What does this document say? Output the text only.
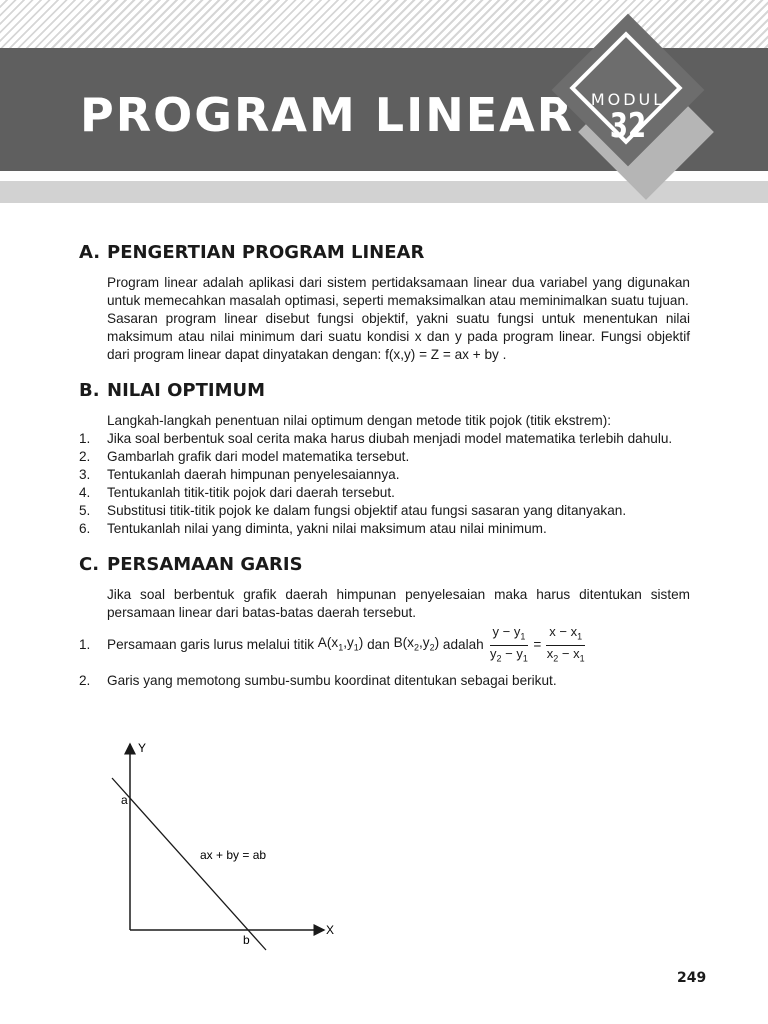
PROGRAM LINEAR	MODUL
32
A. PENGERTIAN PROGRAM LINEAR

Program linear adalah aplikasi dari sistem pertidaksamaan linear dua variabel yang digunakan untuk memecahkan masalah optimasi, seperti memaksimalkan atau meminimalkan suatu tujuan.

Sasaran program linear disebut fungsi objektif, yakni suatu fungsi untuk menentukan nilai maksimum atau nilai minimum dari suatu kondisi x dan y pada program linear. Fungsi objektif dari program linear dapat dinyatakan dengan: f(x,y) = Z = ax + by .

B. NILAI OPTIMUM

Langkah-langkah penentuan nilai optimum dengan metode titik pojok (titik ekstrem):

1.	Jika soal berbentuk soal cerita maka harus diubah menjadi model matematika terlebih dahulu.
2.	Gambarlah grafik dari model matematika tersebut.
3.	Tentukanlah daerah himpunan penyelesaiannya.
4.	Tentukanlah titik-titik pojok dari daerah tersebut.
5.	Substitusi titik-titik pojok ke dalam fungsi objektif atau fungsi sasaran yang ditanyakan.
6.	Tentukanlah nilai yang diminta, yakni nilai maksimum atau nilai minimum.
C. PERSAMAAN GARIS

Jika soal berbentuk grafik daerah himpunan penyelesaian maka harus ditentukan sistem persamaan linear dari batas-batas daerah tersebut.

1.	Persamaan garis lurus melalui titik
$A(x_1,y_1)$
dan
$B(x_2,y_2)$
adalah
$\frac{y - y_1}{y_2 - y_1} = \frac{x - x_1}{x_2 - x_1}$
2.	Garis yang memotong sumbu-sumbu koordinat ditentukan sebagai berikut.
Y
X
a
b
ax + by = ab
249
